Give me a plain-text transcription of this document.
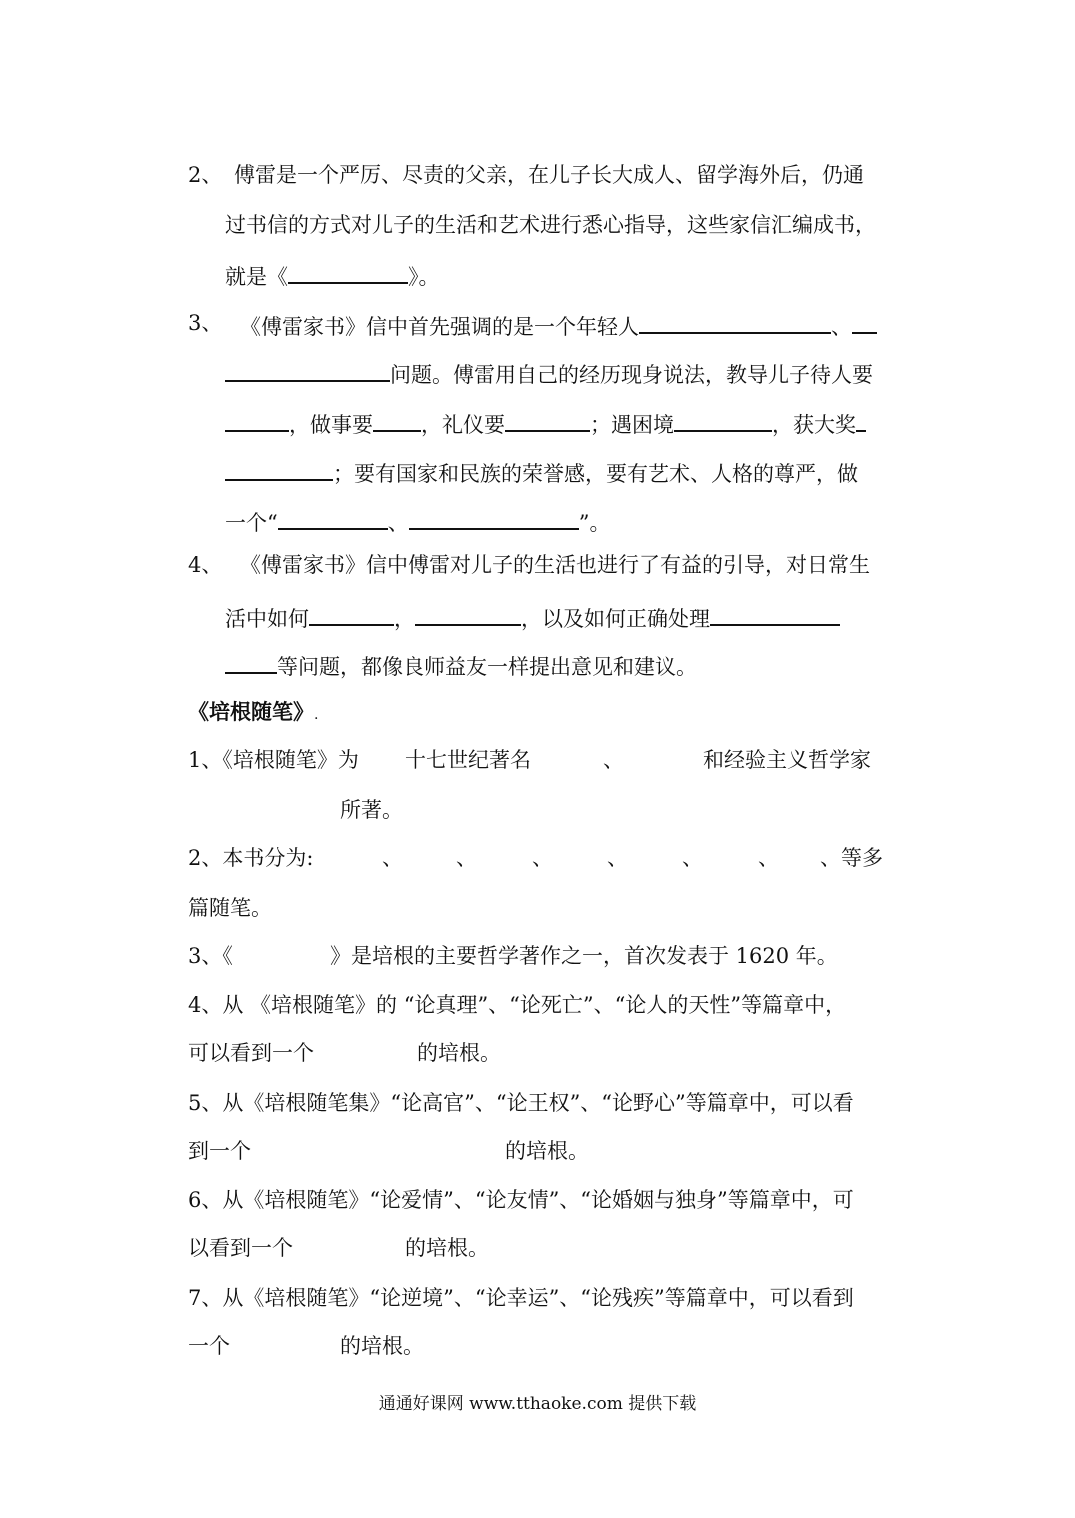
2、 傅雷是一个严厉、尽责的父亲，在儿子长大成人、留学海外后，仍通
过书信的方式对儿子的生活和艺术进行悉心指导，这些家信汇编成书，
就是《	》。
3、 《傅雷家书》信中首先强调的是一个年轻人	、
问题。傅雷用自己的经历现身说法，教导儿子待人要
，做事要 ，礼仪要	；遇困境	，获大奖
；要有国家和民族的荣誉感，要有艺术、人格的尊严，做
一个“	、	”。
4、 《傅雷家书》信中傅雷对儿子的生活也进行了有益的引导，对日常生
活中如何	，	，以及如何正确处理
等问题，都像良师益友一样提出意见和建议。
《培根随笔》.
1、《培根随笔》为 十七世纪著名	、	和经验主义哲学家
所著。
2、本书分为:	、	、	、	、	、	、 、等多
篇随笔。
3、《	》是培根的主要哲学著作之一，首次发表于 1620 年。
4、从 《培根随笔》的 “论真理”、“论死亡”、“论人的天性”等篇章中，
可以看到一个	的培根。
5、从《培根随笔集》“论高官”、“论王权”、“论野心”等篇章中，可以看
到一个	的培根。
6、从《培根随笔》“论爱情”、“论友情”、“论婚姻与独身”等篇章中，可
以看到一个	的培根。
7、从《培根随笔》“论逆境”、“论幸运”、“论残疾”等篇章中，可以看到
一个	的培根。
通通好课网 www.tthaoke.com 提供下载
